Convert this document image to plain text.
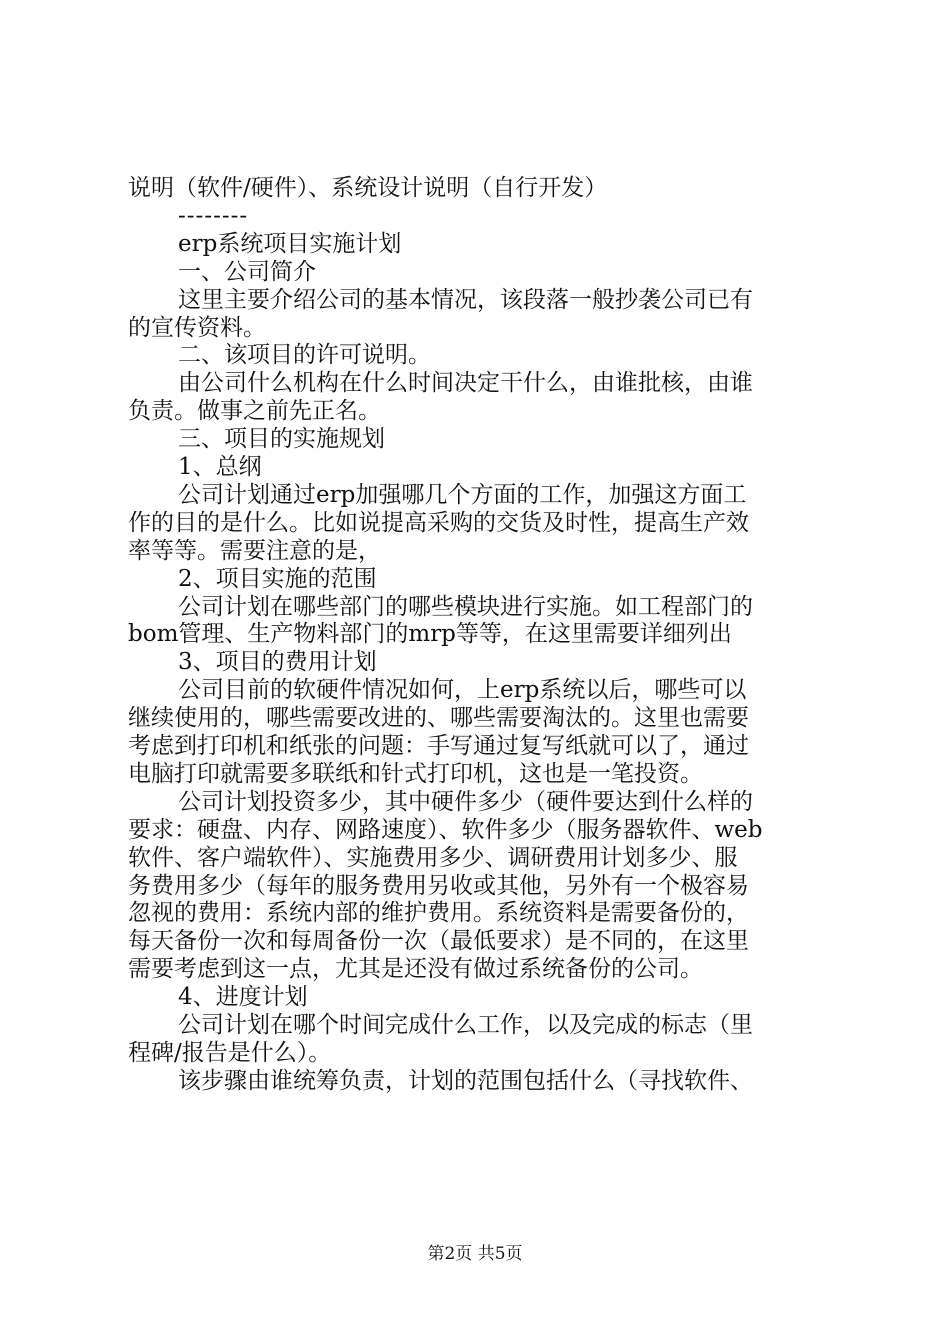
说明（软件/硬件）、系统设计说明（自行开发）

--------

erp系统项目实施计划

一、公司简介

这里主要介绍公司的基本情况，该段落一般抄袭公司已有

的宣传资料。

二、该项目的许可说明。

由公司什么机构在什么时间决定干什么，由谁批核，由谁

负责。做事之前先正名。

三、项目的实施规划

1、总纲

公司计划通过erp加强哪几个方面的工作，加强这方面工

作的目的是什么。比如说提高采购的交货及时性，提高生产效

率等等。需要注意的是，

2、项目实施的范围

公司计划在哪些部门的哪些模块进行实施。如工程部门的

bom管理、生产物料部门的mrp等等，在这里需要详细列出

3、项目的费用计划

公司目前的软硬件情况如何，上erp系统以后，哪些可以

继续使用的，哪些需要改进的、哪些需要淘汰的。这里也需要

考虑到打印机和纸张的问题：手写通过复写纸就可以了，通过

电脑打印就需要多联纸和针式打印机，这也是一笔投资。

公司计划投资多少，其中硬件多少（硬件要达到什么样的

要求：硬盘、内存、网路速度）、软件多少（服务器软件、web

软件、客户端软件）、实施费用多少、调研费用计划多少、服

务费用多少（每年的服务费用另收或其他，另外有一个极容易

忽视的费用：系统内部的维护费用。系统资料是需要备份的，

每天备份一次和每周备份一次（最低要求）是不同的，在这里

需要考虑到这一点，尤其是还没有做过系统备份的公司。

4、进度计划

公司计划在哪个时间完成什么工作，以及完成的标志（里

程碑/报告是什么）。

该步骤由谁统筹负责，计划的范围包括什么（寻找软件、

第2页 共5页
